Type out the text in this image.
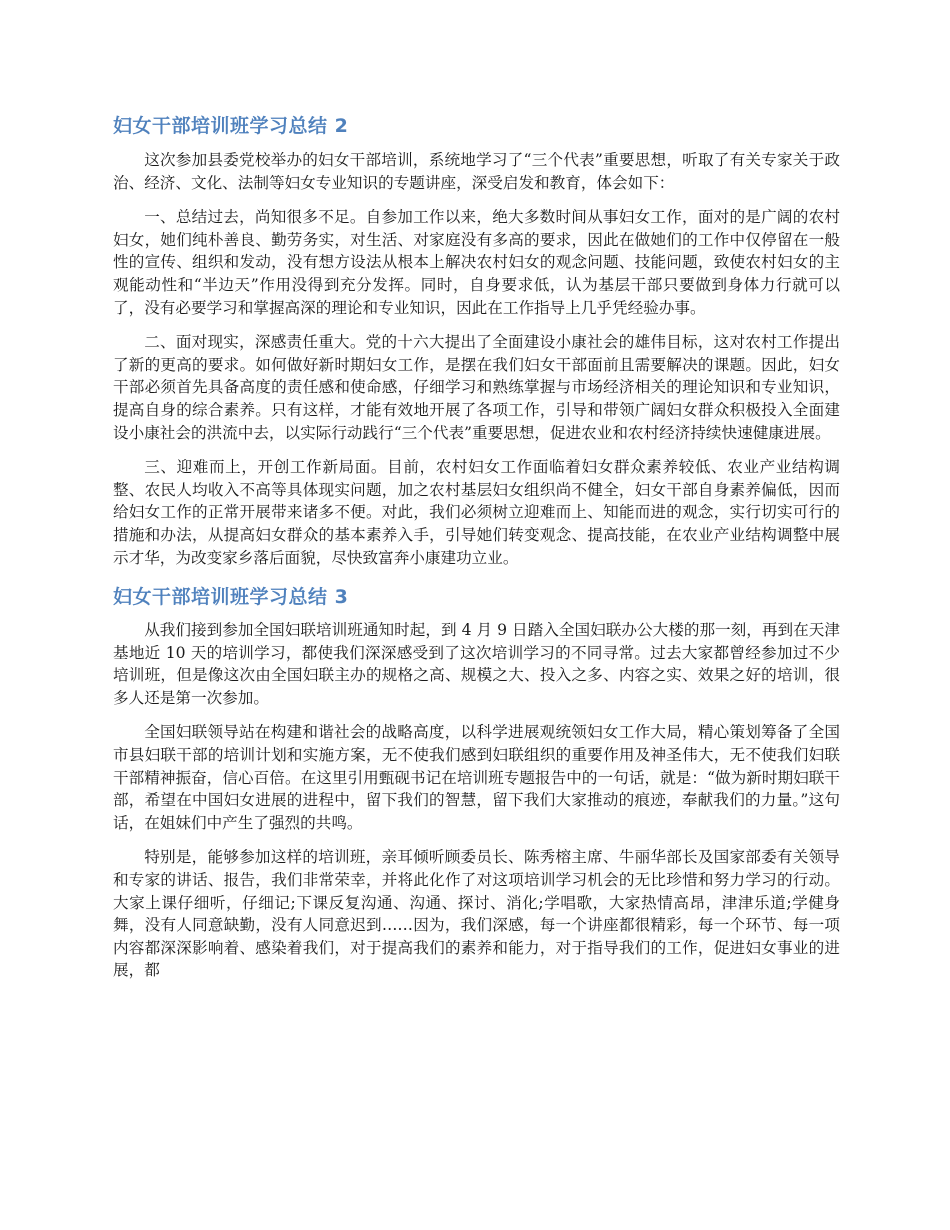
妇女干部培训班学习总结 2

这次参加县委党校举办的妇女干部培训，系统地学习了“三个代表”重要思想，听取了有关专家关于政治、经济、文化、法制等妇女专业知识的专题讲座，深受启发和教育，体会如下：

一、总结过去，尚知很多不足。自参加工作以来，绝大多数时间从事妇女工作，面对的是广阔的农村妇女，她们纯朴善良、勤劳务实，对生活、对家庭没有多高的要求，因此在做她们的工作中仅停留在一般性的宣传、组织和发动，没有想方设法从根本上解决农村妇女的观念问题、技能问题，致使农村妇女的主观能动性和“半边天”作用没得到充分发挥。同时，自身要求低，认为基层干部只要做到身体力行就可以了，没有必要学习和掌握高深的理论和专业知识，因此在工作指导上几乎凭经验办事。

二、面对现实，深感责任重大。党的十六大提出了全面建设小康社会的雄伟目标，这对农村工作提出了新的更高的要求。如何做好新时期妇女工作，是摆在我们妇女干部面前且需要解决的课题。因此，妇女干部必须首先具备高度的责任感和使命感，仔细学习和熟练掌握与市场经济相关的理论知识和专业知识，提高自身的综合素养。只有这样，才能有效地开展了各项工作，引导和带领广阔妇女群众积极投入全面建设小康社会的洪流中去，以实际行动践行“三个代表”重要思想，促进农业和农村经济持续快速健康进展。

三、迎难而上，开创工作新局面。目前，农村妇女工作面临着妇女群众素养较低、农业产业结构调整、农民人均收入不高等具体现实问题，加之农村基层妇女组织尚不健全，妇女干部自身素养偏低，因而给妇女工作的正常开展带来诸多不便。对此，我们必须树立迎难而上、知能而进的观念，实行切实可行的措施和办法，从提高妇女群众的基本素养入手，引导她们转变观念、提高技能，在农业产业结构调整中展示才华，为改变家乡落后面貌，尽快致富奔小康建功立业。

妇女干部培训班学习总结 3

从我们接到参加全国妇联培训班通知时起，到 4 月 9 日踏入全国妇联办公大楼的那一刻，再到在天津基地近 10 天的培训学习，都使我们深深感受到了这次培训学习的不同寻常。过去大家都曾经参加过不少培训班，但是像这次由全国妇联主办的规格之高、规模之大、投入之多、内容之实、效果之好的培训，很多人还是第一次参加。

全国妇联领导站在构建和谐社会的战略高度，以科学进展观统领妇女工作大局，精心策划筹备了全国市县妇联干部的培训计划和实施方案，无不使我们感到妇联组织的重要作用及神圣伟大，无不使我们妇联干部精神振奋，信心百倍。在这里引用甄砚书记在培训班专题报告中的一句话，就是：“做为新时期妇联干部，希望在中国妇女进展的进程中，留下我们的智慧，留下我们大家推动的痕迹，奉献我们的力量。”这句话，在姐妹们中产生了强烈的共鸣。

特别是，能够参加这样的培训班，亲耳倾听顾委员长、陈秀榕主席、牛丽华部长及国家部委有关领导和专家的讲话、报告，我们非常荣幸，并将此化作了对这项培训学习机会的无比珍惜和努力学习的行动。大家上课仔细听，仔细记;下课反复沟通、沟通、探讨、消化;学唱歌，大家热情高昂，津津乐道;学健身舞，没有人同意缺勤，没有人同意迟到……因为，我们深感，每一个讲座都很精彩，每一个环节、每一项内容都深深影响着、感染着我们，对于提高我们的素养和能力，对于指导我们的工作，促进妇女事业的进展，都
